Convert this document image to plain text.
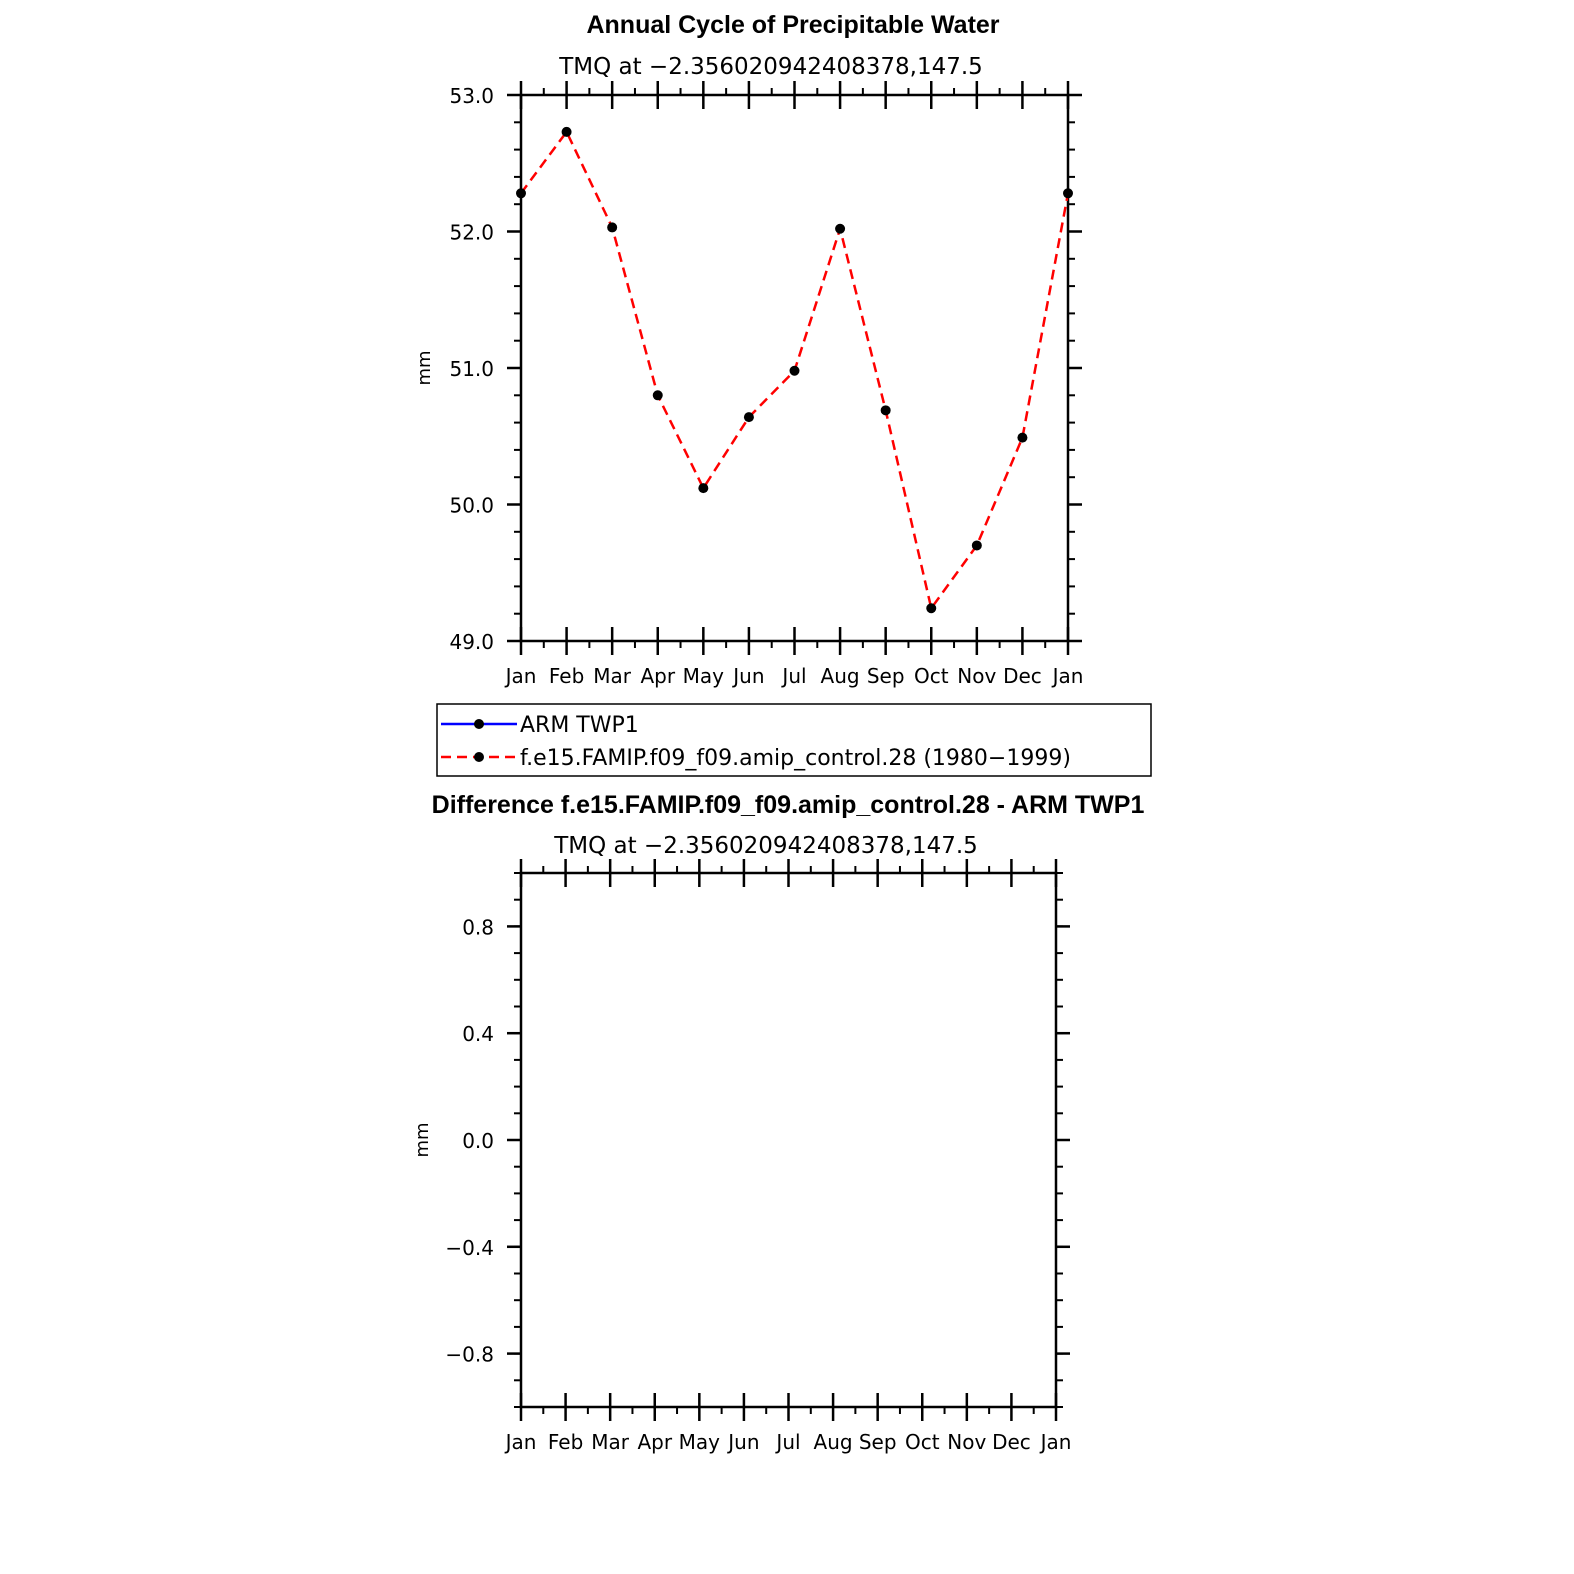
Annual Cycle of Precipitable Water
TMQ at −2.356020942408378,147.5
mm
49.0
50.0
51.0
52.0
53.0
Jan Feb Mar Apr May Jun Jul Aug Sep Oct Nov Dec Jan
ARM TWP1
f.e15.FAMIP.f09_f09.amip_control.28 (1980−1999)
Difference f.e15.FAMIP.f09_f09.amip_control.28 - ARM TWP1
TMQ at −2.356020942408378,147.5
mm
−0.8
−0.4
0.0
0.4
0.8
Jan Feb Mar Apr May Jun Jul Aug Sep Oct Nov Dec Jan
